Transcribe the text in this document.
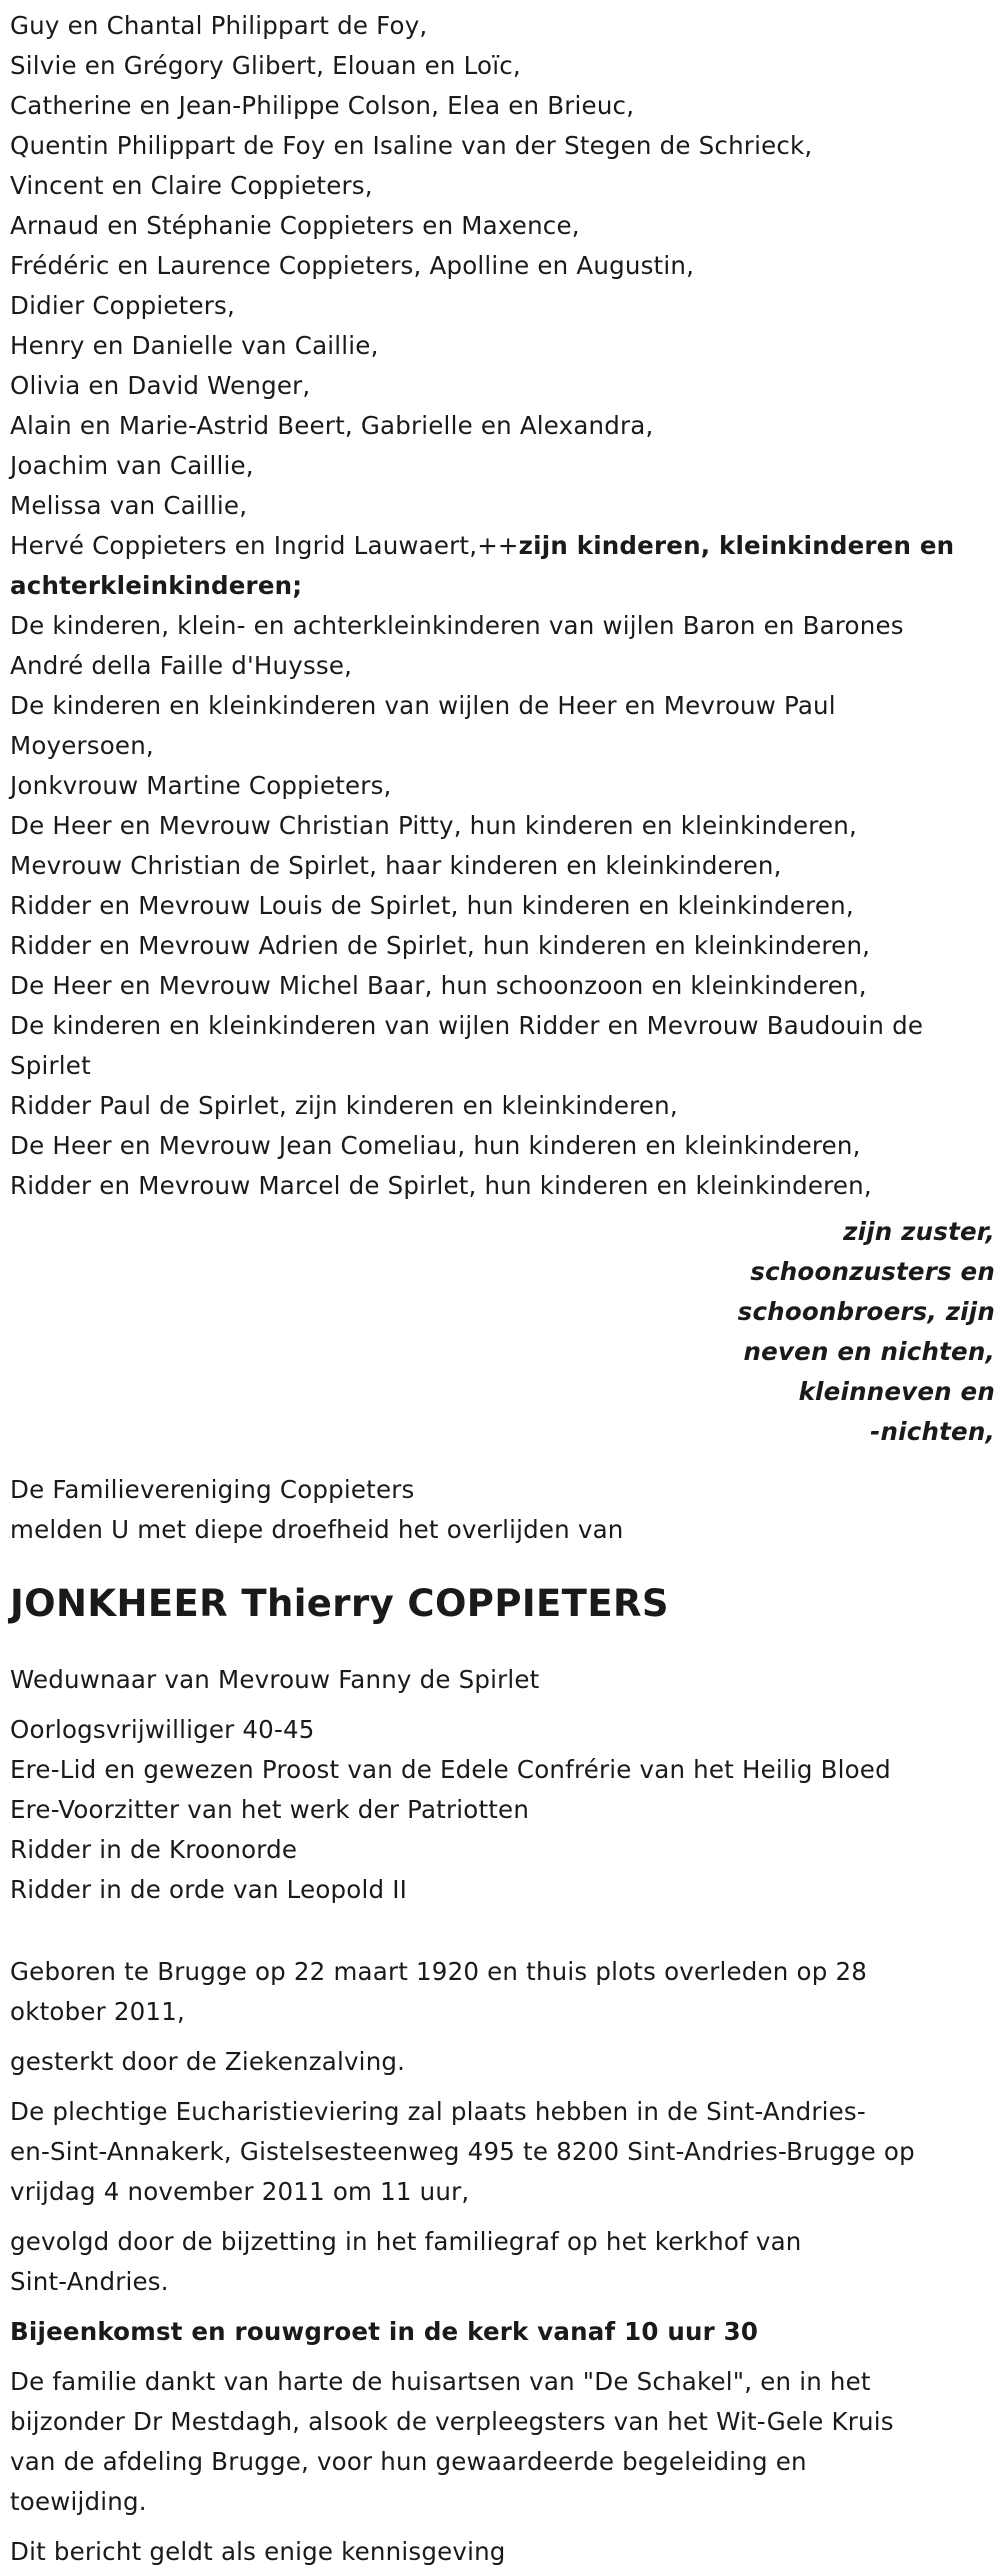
Guy en Chantal Philippart de Foy,
Silvie en Grégory Glibert, Elouan en Loïc,
Catherine en Jean-Philippe Colson, Elea en Brieuc,
Quentin Philippart de Foy en Isaline van der Stegen de Schrieck,
Vincent en Claire Coppieters,
Arnaud en Stéphanie Coppieters en Maxence,
Frédéric en Laurence Coppieters, Apolline en Augustin,
Didier Coppieters,
Henry en Danielle van Caillie,
Olivia en David Wenger,
Alain en Marie-Astrid Beert, Gabrielle en Alexandra,
Joachim van Caillie,
Melissa van Caillie,
Hervé Coppieters en Ingrid Lauwaert,++zijn kinderen, kleinkinderen en
achterkleinkinderen;
De kinderen, klein- en achterkleinkinderen van wijlen Baron en Barones
André della Faille d'Huysse,
De kinderen en kleinkinderen van wijlen de Heer en Mevrouw Paul
Moyersoen,
Jonkvrouw Martine Coppieters,
De Heer en Mevrouw Christian Pitty, hun kinderen en kleinkinderen,
Mevrouw Christian de Spirlet, haar kinderen en kleinkinderen,
Ridder en Mevrouw Louis de Spirlet, hun kinderen en kleinkinderen,
Ridder en Mevrouw Adrien de Spirlet, hun kinderen en kleinkinderen,
De Heer en Mevrouw Michel Baar, hun schoonzoon en kleinkinderen,
De kinderen en kleinkinderen van wijlen Ridder en Mevrouw Baudouin de
Spirlet
Ridder Paul de Spirlet, zijn kinderen en kleinkinderen,
De Heer en Mevrouw Jean Comeliau, hun kinderen en kleinkinderen,
Ridder en Mevrouw Marcel de Spirlet, hun kinderen en kleinkinderen,
zijn zuster,
schoonzusters en
schoonbroers, zijn
neven en nichten,
kleinneven en
-nichten,
De Familievereniging Coppieters
melden U met diepe droefheid het overlijden van
JONKHEER Thierry COPPIETERS
Weduwnaar van Mevrouw Fanny de Spirlet
Oorlogsvrijwilliger 40-45
Ere-Lid en gewezen Proost van de Edele Confrérie van het Heilig Bloed
Ere-Voorzitter van het werk der Patriotten
Ridder in de Kroonorde
Ridder in de orde van Leopold II
Geboren te Brugge op 22 maart 1920 en thuis plots overleden op 28
oktober 2011,
gesterkt door de Ziekenzalving.
De plechtige Eucharistieviering zal plaats hebben in de Sint-Andries-
en-Sint-Annakerk, Gistelsesteenweg 495 te 8200 Sint-Andries-Brugge op
vrijdag 4 november 2011 om 11 uur,
gevolgd door de bijzetting in het familiegraf op het kerkhof van
Sint-Andries.
Bijeenkomst en rouwgroet in de kerk vanaf 10 uur 30
De familie dankt van harte de huisartsen van "De Schakel", en in het
bijzonder Dr Mestdagh, alsook de verpleegsters van het Wit-Gele Kruis
van de afdeling Brugge, voor hun gewaardeerde begeleiding en
toewijding.
Dit bericht geldt als enige kennisgeving
